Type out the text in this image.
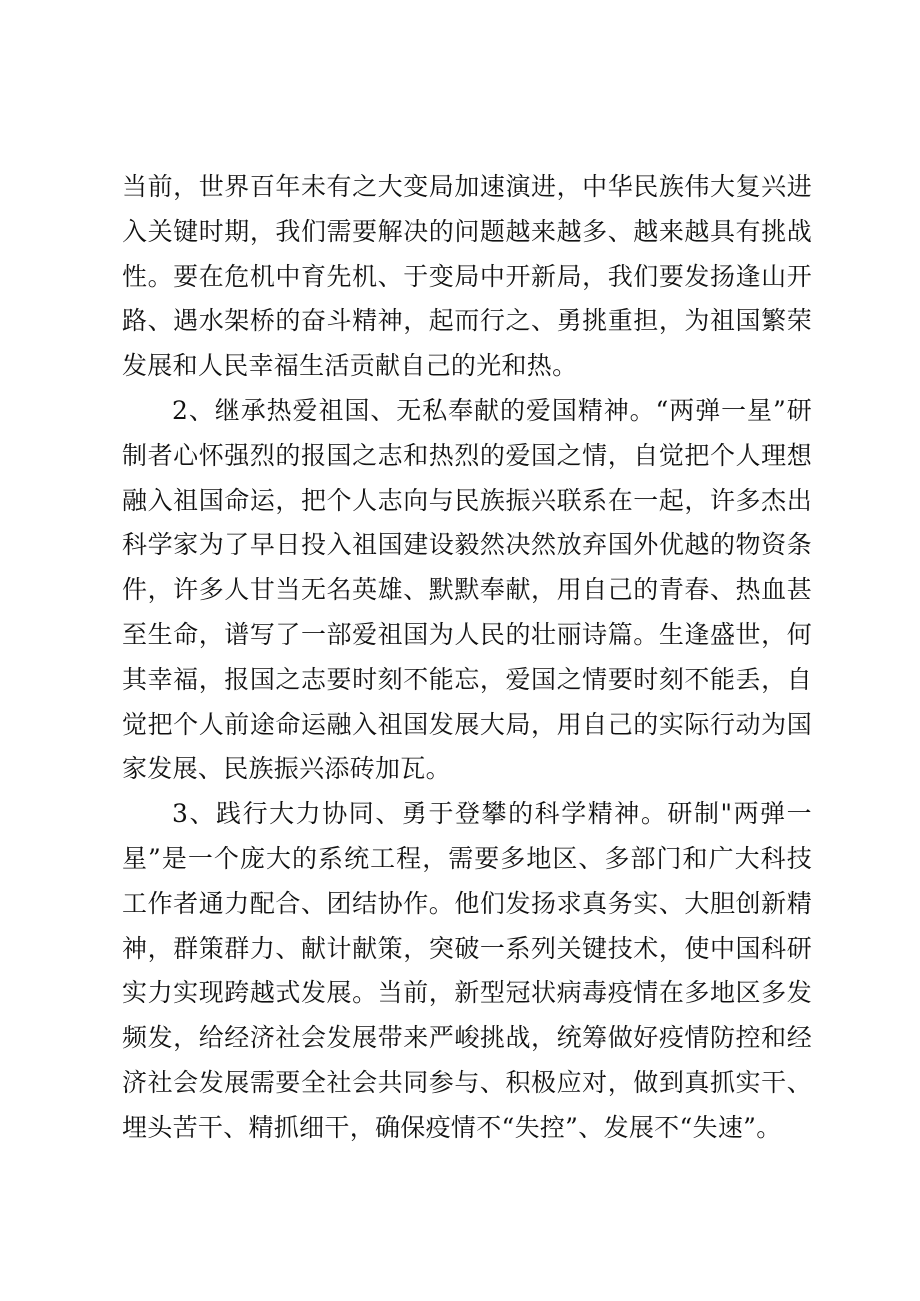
当前，世界百年未有之大变局加速演进，中华民族伟大复兴进入关键时期，我们需要解决的问题越来越多、越来越具有挑战性。要在危机中育先机、于变局中开新局，我们要发扬逢山开路、遇水架桥的奋斗精神，起而行之、勇挑重担，为祖国繁荣发展和人民幸福生活贡献自己的光和热。

2、继承热爱祖国、无私奉献的爱国精神。“两弹一星”研制者心怀强烈的报国之志和热烈的爱国之情，自觉把个人理想融入祖国命运，把个人志向与民族振兴联系在一起，许多杰出科学家为了早日投入祖国建设毅然决然放弃国外优越的物资条件，许多人甘当无名英雄、默默奉献，用自己的青春、热血甚至生命，谱写了一部爱祖国为人民的壮丽诗篇。生逢盛世，何其幸福，报国之志要时刻不能忘，爱国之情要时刻不能丢，自觉把个人前途命运融入祖国发展大局，用自己的实际行动为国家发展、民族振兴添砖加瓦。

3、践行大力协同、勇于登攀的科学精神。研制"两弹一星”是一个庞大的系统工程，需要多地区、多部门和广大科技工作者通力配合、团结协作。他们发扬求真务实、大胆创新精神，群策群力、献计献策，突破一系列关键技术，使中国科研实力实现跨越式发展。当前，新型冠状病毒疫情在多地区多发频发，给经济社会发展带来严峻挑战，统筹做好疫情防控和经济社会发展需要全社会共同参与、积极应对，做到真抓实干、埋头苦干、精抓细干，确保疫情不“失控”、发展不“失速”。
